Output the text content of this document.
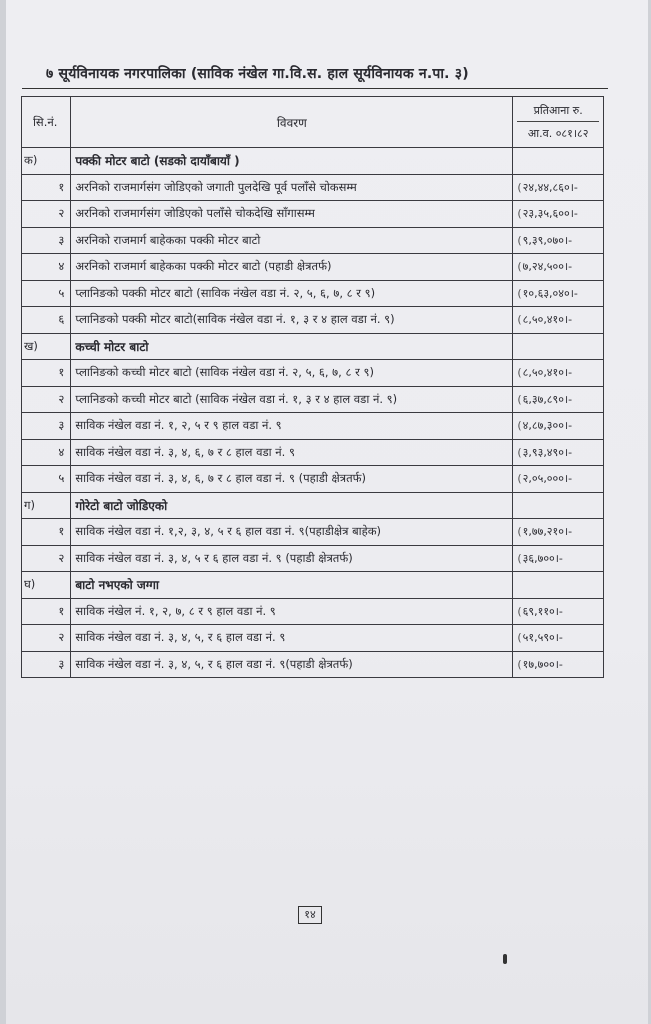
७ सूर्यविनायक नगरपालिका (साविक नंखेल गा.वि.स. हाल सूर्यविनायक न.पा. ३)
सि.नं.	विवरण	प्रतिआना रु.
आ.व. ०८१।८२

क)	पक्की मोटर बाटो (सडको दायाँबायाँ )	
१	अरनिको राजमार्गसंग जोडिएको जगाती पुलदेखि पूर्व पलाँसे चोकसम्म	(२४,४४,८६०।-
२	अरनिको राजमार्गसंग जोडिएको पलाँसे चोकदेखि साँगासम्म	(२३,३५,६००।-
३	अरनिको राजमार्ग बाहेकका पक्की मोटर बाटो	(९,३९,०७०।-
४	अरनिको राजमार्ग बाहेकका पक्की मोटर बाटो (पहाडी क्षेत्रतर्फ)	(७,२४,५००।-
५	प्लानिङको पक्की मोटर बाटो (साविक नंखेल वडा नं. २, ५, ६, ७, ८ र ९)	(१०,६३,०४०।-
६	प्लानिङको पक्की मोटर बाटो(साविक नंखेल वडा नं. १, ३ र ४ हाल वडा नं. ९)	(८,५०,४१०।-
ख)	कच्ची मोटर बाटो	
१	प्लानिङको कच्ची मोटर बाटो (साविक नंखेल वडा नं. २, ५, ६, ७, ८ र ९)	(८,५०,४१०।-
२	प्लानिङको कच्ची मोटर बाटो (साविक नंखेल वडा नं. १, ३ र ४ हाल वडा नं. ९)	(६,३७,८९०।-
३	साविक नंखेल वडा नं. १, २, ५ र ९ हाल वडा नं. ९	(४,८७,३००।-
४	साविक नंखेल वडा नं. ३, ४, ६, ७ र ८ हाल वडा नं. ९	(३,९३,४९०।-
५	साविक नंखेल वडा नं. ३, ४, ६, ७ र ८ हाल वडा नं. ९ (पहाडी क्षेत्रतर्फ)	(२,०५,०००।-
ग)	गोरेटो बाटो जोडिएको	
१	साविक नंखेल वडा नं. १,२, ३, ४, ५ र ६ हाल वडा नं. ९(पहाडीक्षेत्र बाहेक)	(१,७७,२१०।-
२	साविक नंखेल वडा नं. ३, ४, ५ र ६ हाल वडा नं. ९ (पहाडी क्षेत्रतर्फ)	(३६,७००।-
घ)	बाटो नभएको जग्गा	
१	साविक नंखेल नं. १, २, ७, ८ र ९ हाल वडा नं. ९	(६९,११०।-
२	साविक नंखेल वडा नं. ३, ४, ५, र ६ हाल वडा नं. ९	(५१,५९०।-
३	साविक नंखेल वडा नं. ३, ४, ५, र ६ हाल वडा नं. ९(पहाडी क्षेत्रतर्फ)	(१७,७००।-
१४
